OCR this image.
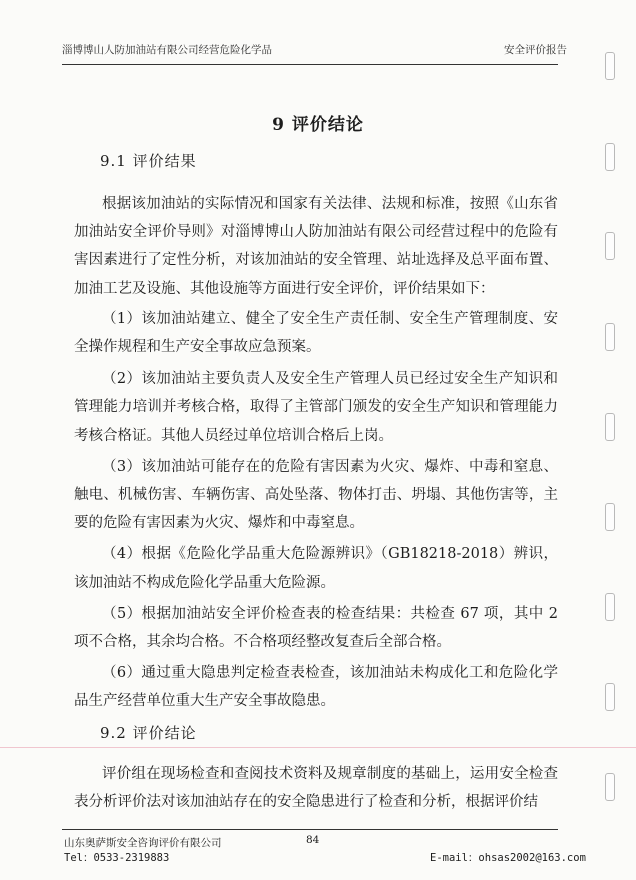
淄博博山人防加油站有限公司经营危险化学品	安全评价报告
9 评价结论
9.1 评价结果

根据该加油站的实际情况和国家有关法律、法规和标准，按照《山东省加油站安全评价导则》对淄博博山人防加油站有限公司经营过程中的危险有害因素进行了定性分析，对该加油站的安全管理、站址选择及总平面布置、加油工艺及设施、其他设施等方面进行安全评价，评价结果如下：

（1）该加油站建立、健全了安全生产责任制、安全生产管理制度、安全操作规程和生产安全事故应急预案。

（2）该加油站主要负责人及安全生产管理人员已经过安全生产知识和管理能力培训并考核合格，取得了主管部门颁发的安全生产知识和管理能力考核合格证。其他人员经过单位培训合格后上岗。

（3）该加油站可能存在的危险有害因素为火灾、爆炸、中毒和窒息、触电、机械伤害、车辆伤害、高处坠落、物体打击、坍塌、其他伤害等，主要的危险有害因素为火灾、爆炸和中毒窒息。

（4）根据《危险化学品重大危险源辨识》（GB18218-2018）辨识，该加油站不构成危险化学品重大危险源。

（5）根据加油站安全评价检查表的检查结果：共检查 67 项，其中 2 项不合格，其余均合格。不合格项经整改复查后全部合格。

（6）通过重大隐患判定检查表检查，该加油站未构成化工和危险化学品生产经营单位重大生产安全事故隐患。

9.2 评价结论

评价组在现场检查和查阅技术资料及规章制度的基础上，运用安全检查表分析评价法对该加油站存在的安全隐患进行了检查和分析，根据评价结

山东奥萨斯安全咨询评价有限公司
Tel：0533-2319883
84
E-mail：ohsas2002@163.com
